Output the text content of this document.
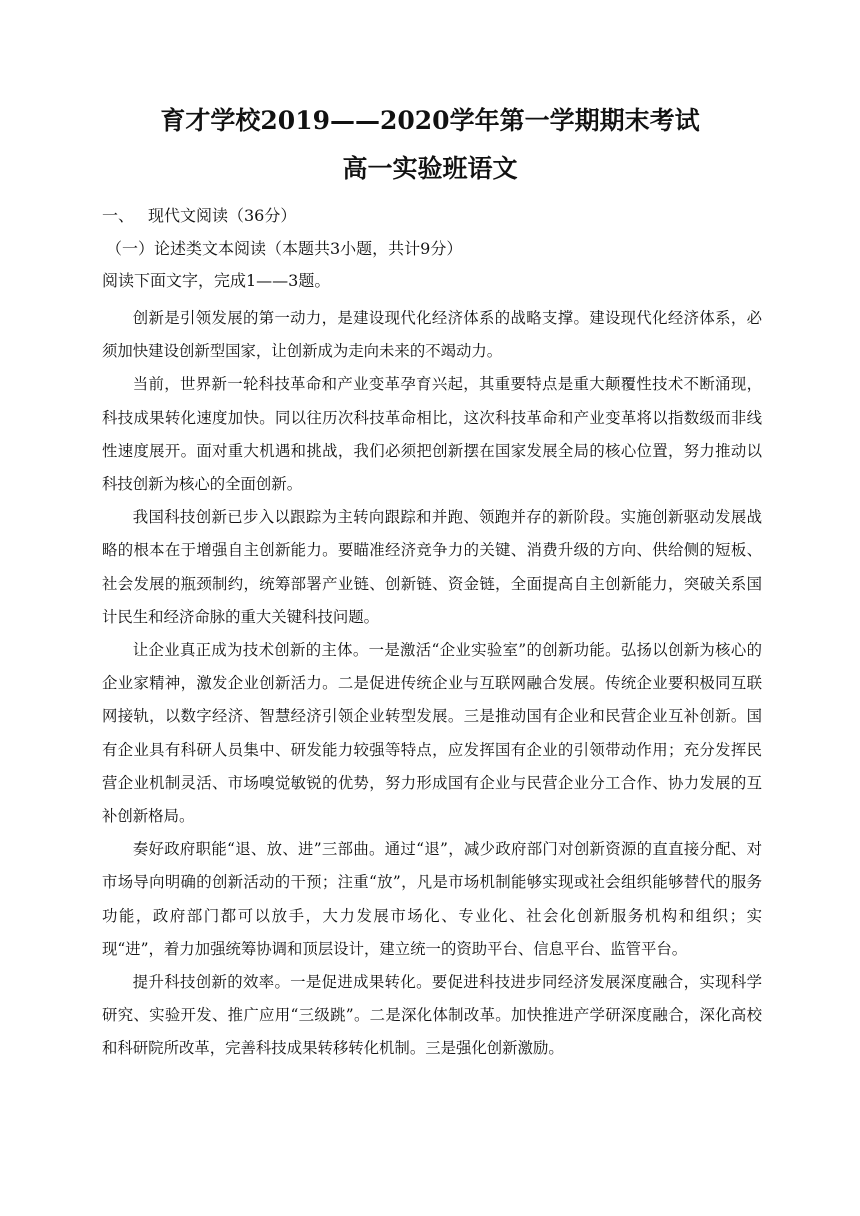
育才学校2019——2020学年第一学期期末考试
高一实验班语文
一、 现代文阅读（36分）
（一）论述类文本阅读（本题共3小题，共计9分）
阅读下面文字，完成1——3题。

创新是引领发展的第一动力，是建设现代化经济体系的战略支撑。建设现代化经济体系，必须加快建设创新型国家，让创新成为走向未来的不竭动力。

当前，世界新一轮科技革命和产业变革孕育兴起，其重要特点是重大颠覆性技术不断涌现，科技成果转化速度加快。同以往历次科技革命相比，这次科技革命和产业变革将以指数级而非线性速度展开。面对重大机遇和挑战，我们必须把创新摆在国家发展全局的核心位置，努力推动以科技创新为核心的全面创新。

我国科技创新已步入以跟踪为主转向跟踪和并跑、领跑并存的新阶段。实施创新驱动发展战略的根本在于增强自主创新能力。要瞄准经济竞争力的关键、消费升级的方向、供给侧的短板、社会发展的瓶颈制约，统筹部署产业链、创新链、资金链，全面提高自主创新能力，突破关系国计民生和经济命脉的重大关键科技问题。

让企业真正成为技术创新的主体。一是激活“企业实验室”的创新功能。弘扬以创新为核心的企业家精神，激发企业创新活力。二是促进传统企业与互联网融合发展。传统企业要积极同互联网接轨，以数字经济、智慧经济引领企业转型发展。三是推动国有企业和民营企业互补创新。国有企业具有科研人员集中、研发能力较强等特点，应发挥国有企业的引领带动作用；充分发挥民营企业机制灵活、市场嗅觉敏锐的优势，努力形成国有企业与民营企业分工合作、协力发展的互补创新格局。

奏好政府职能“退、放、进”三部曲。通过“退”，减少政府部门对创新资源的直直接分配、对市场导向明确的创新活动的干预；注重“放”，凡是市场机制能够实现或社会组织能够替代的服务功能，政府部门都可以放手，大力发展市场化、专业化、社会化创新服务机构和组织；实现“进”，着力加强统筹协调和顶层设计，建立统一的资助平台、信息平台、监管平台。

提升科技创新的效率。一是促进成果转化。要促进科技进步同经济发展深度融合，实现科学研究、实验开发、推广应用“三级跳”。二是深化体制改革。加快推进产学研深度融合，深化高校和科研院所改革，完善科技成果转移转化机制。三是强化创新激励。
